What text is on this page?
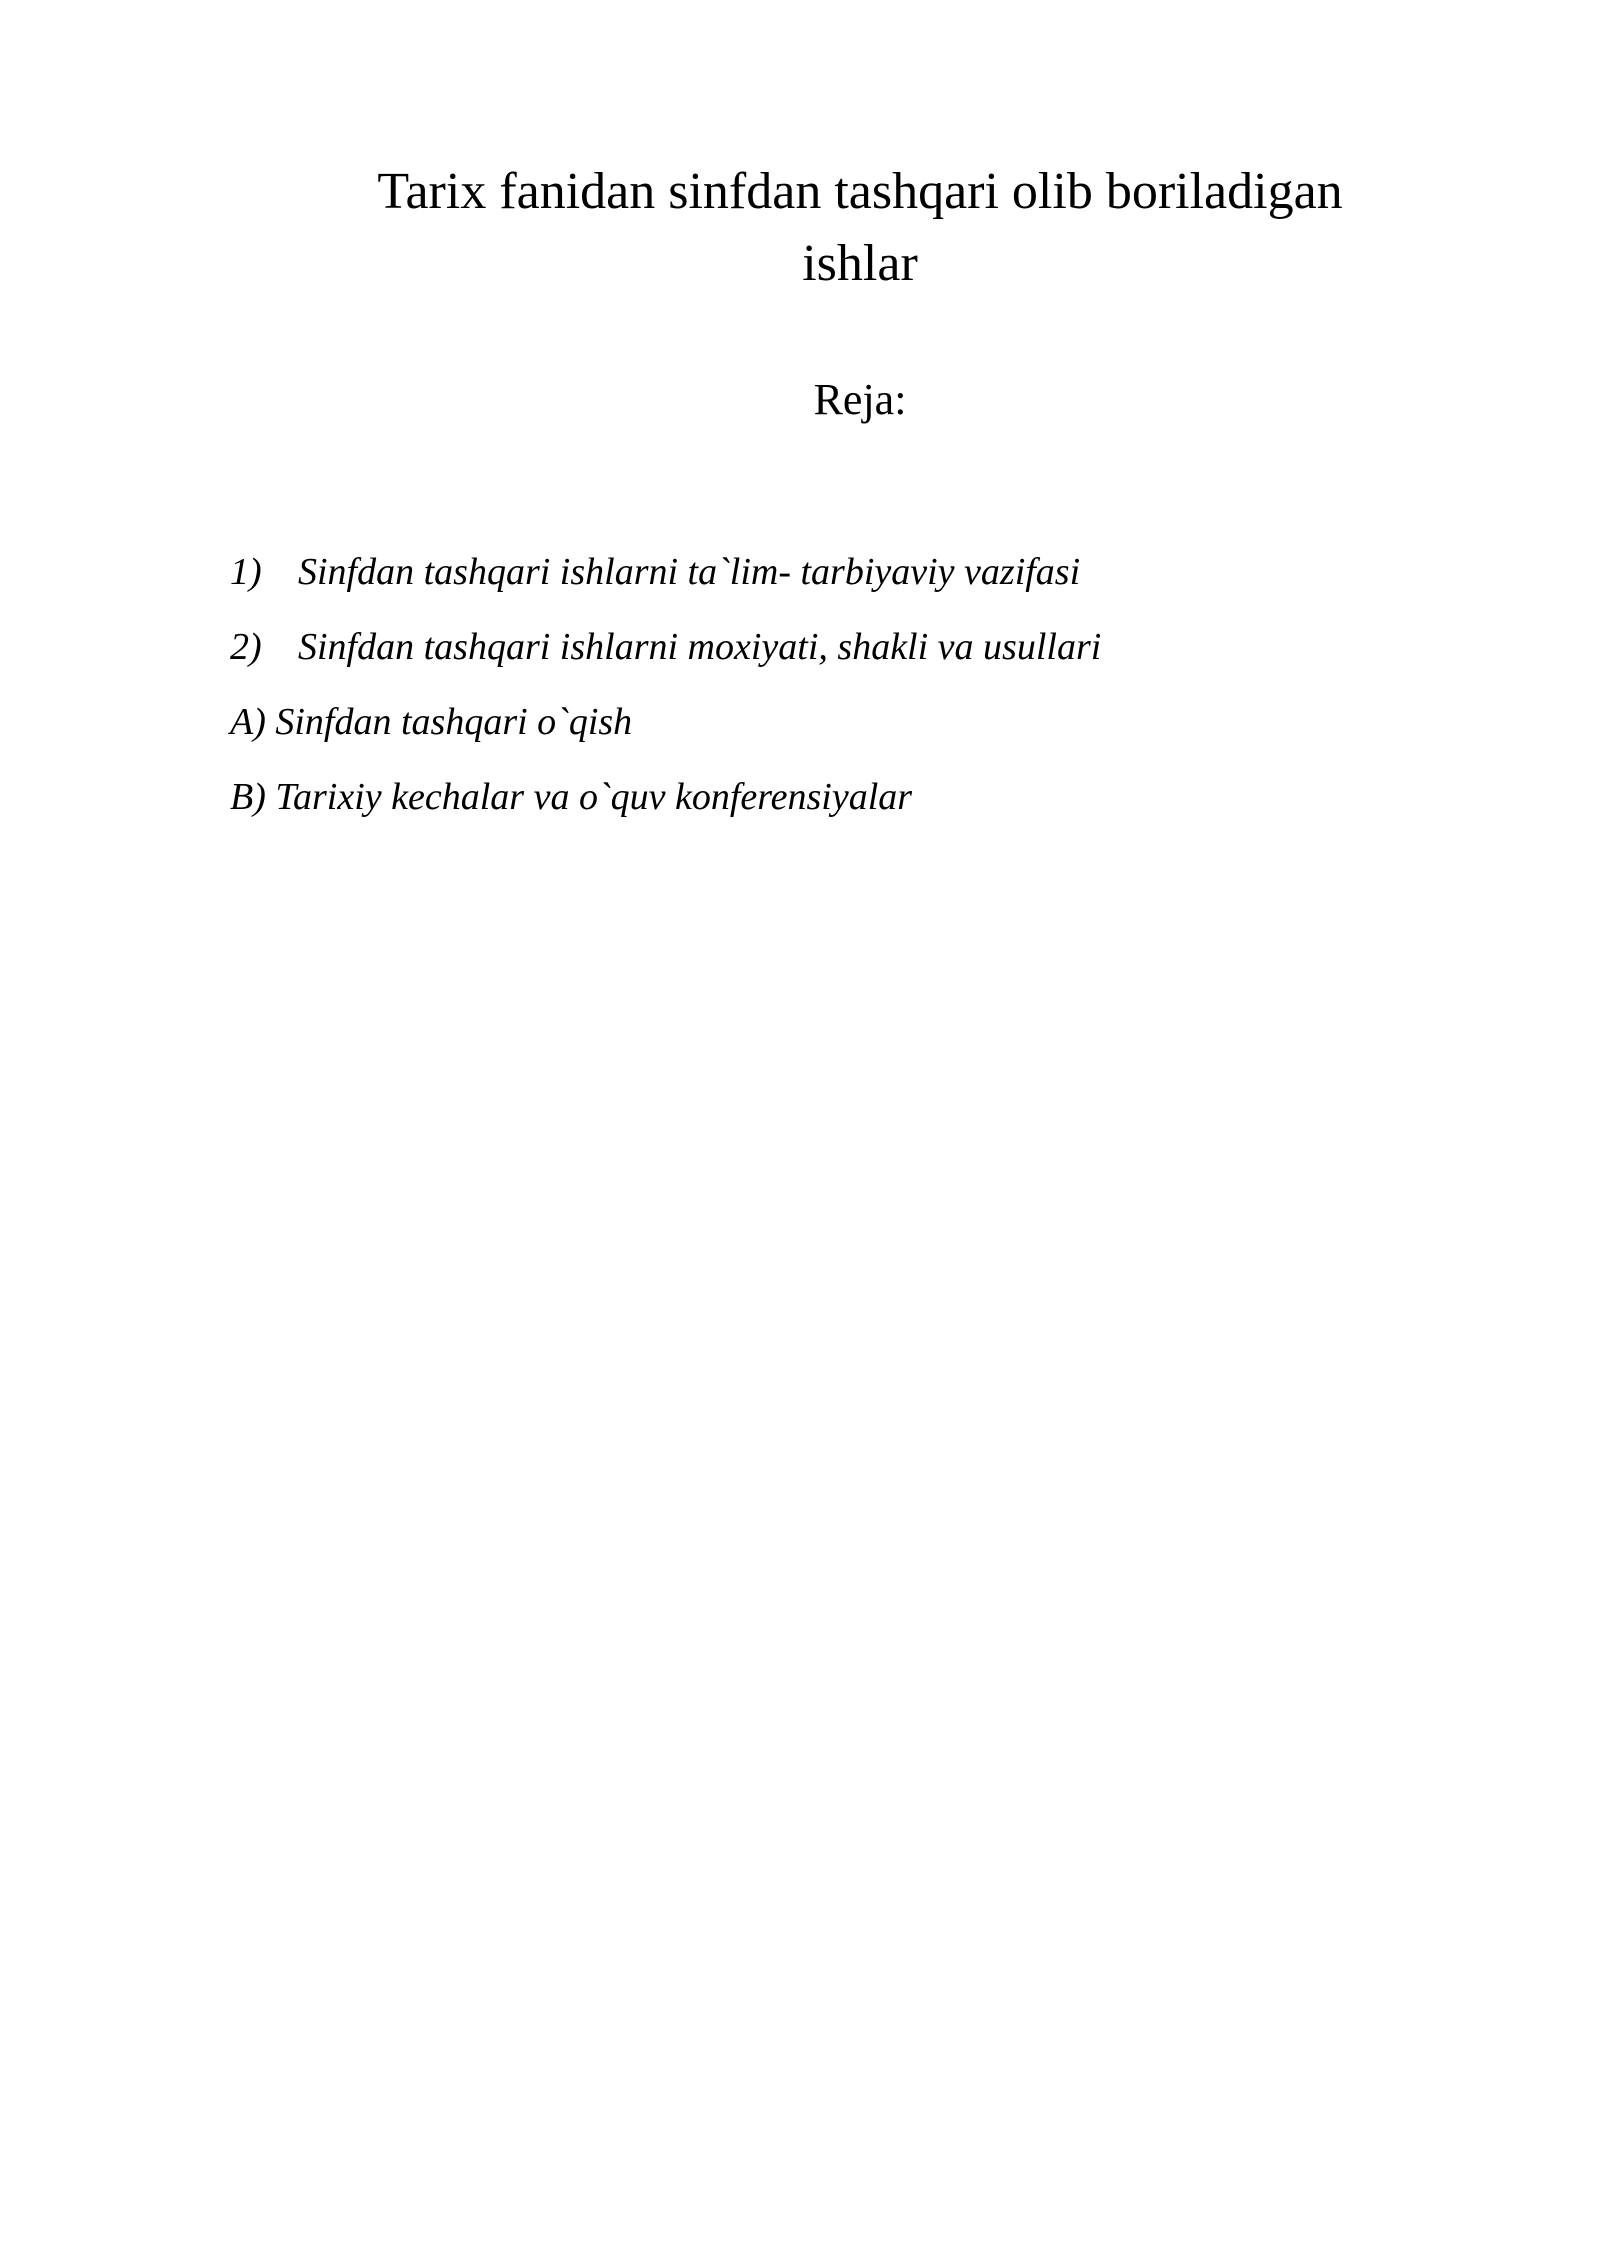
Tarix fanidan sinfdan tashqari olib boriladigan ishlar
Reja:
1) Sinfdan tashqari ishlarni ta`lim- tarbiyaviy vazifasi
2) Sinfdan tashqari ishlarni moxiyati, shakli va usullari
A) Sinfdan tashqari o`qish
B) Tarixiy kechalar va o`quv konferensiyalar
